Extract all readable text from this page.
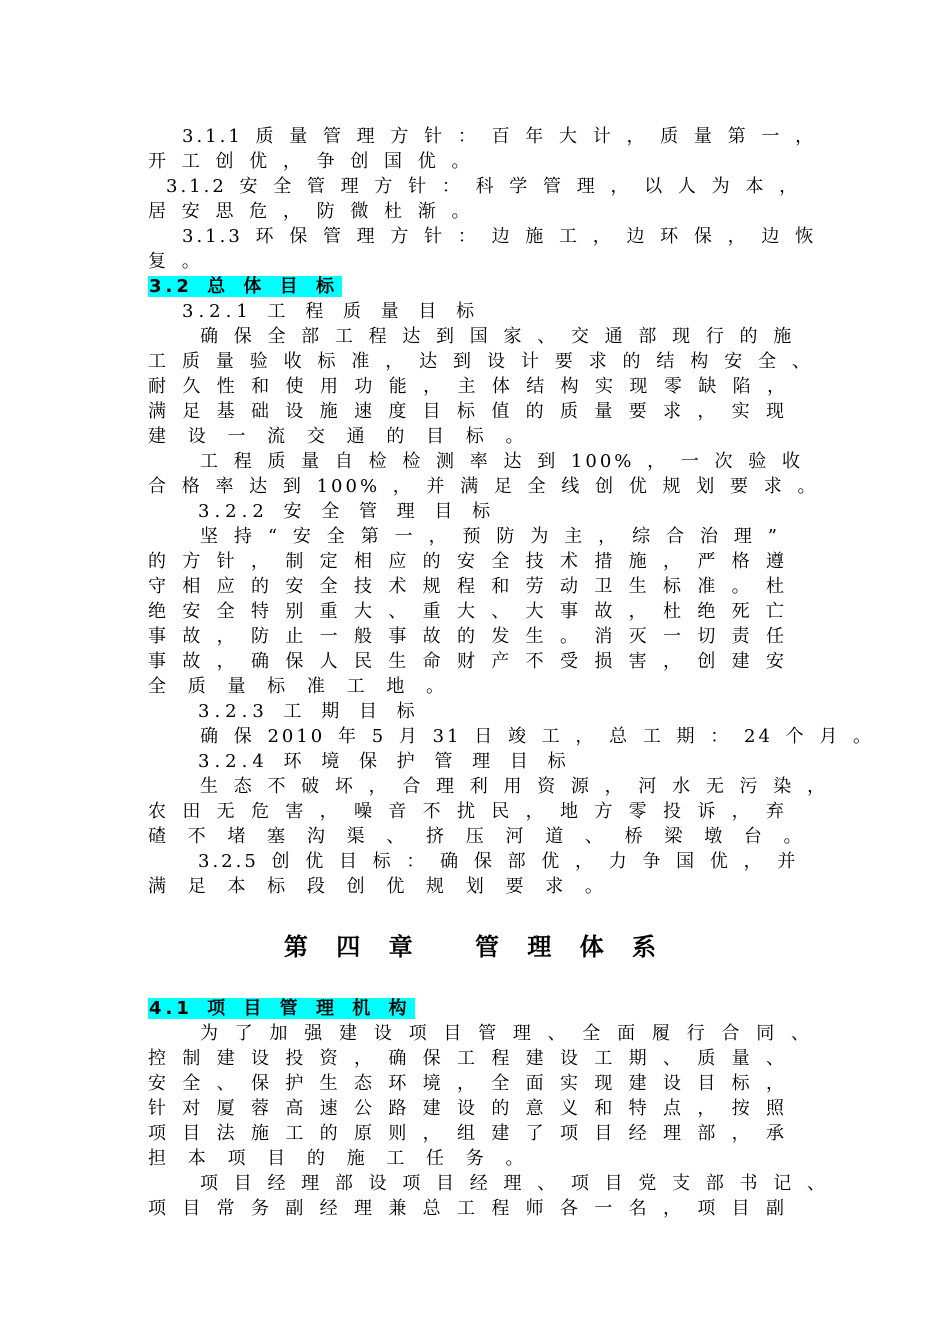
3.1.1 质 量 管 理 方 针 ： 百 年 大 计 ， 质 量 第 一 ，
开 工 创 优 ， 争 创 国 优 。
3.1.2 安 全 管 理 方 针 ： 科 学 管 理 ， 以 人 为 本 ，
居 安 思 危 ， 防 微 杜 渐 。
3.1.3 环 保 管 理 方 针 ： 边 施 工 ， 边 环 保 ， 边 恢
复 。
3.2 总 体 目 标
3.2.1 工 程 质 量 目 标
确 保 全 部 工 程 达 到 国 家 、 交 通 部 现 行 的 施
工 质 量 验 收 标 准 ， 达 到 设 计 要 求 的 结 构 安 全 、
耐 久 性 和 使 用 功 能 ， 主 体 结 构 实 现 零 缺 陷 ，
满 足 基 础 设 施 速 度 目 标 值 的 质 量 要 求 ， 实 现
建 设 一 流 交 通 的 目 标 。
工 程 质 量 自 检 检 测 率 达 到 100% ， 一 次 验 收
合 格 率 达 到 100% ， 并 满 足 全 线 创 优 规 划 要 求 。
3.2.2 安 全 管 理 目 标
坚 持 “ 安 全 第 一 ， 预 防 为 主 ， 综 合 治 理 ”
的 方 针 ， 制 定 相 应 的 安 全 技 术 措 施 ， 严 格 遵
守 相 应 的 安 全 技 术 规 程 和 劳 动 卫 生 标 准 。 杜
绝 安 全 特 别 重 大 、 重 大 、 大 事 故 ， 杜 绝 死 亡
事 故 ， 防 止 一 般 事 故 的 发 生 。 消 灭 一 切 责 任
事 故 ， 确 保 人 民 生 命 财 产 不 受 损 害 ， 创 建 安
全 质 量 标 准 工 地 。
3.2.3 工 期 目 标
确 保 2010 年 5 月 31 日 竣 工 ， 总 工 期 ： 24 个 月 。
3.2.4 环 境 保 护 管 理 目 标
生 态 不 破 坏 ， 合 理 利 用 资 源 ， 河 水 无 污 染 ，
农 田 无 危 害 ， 噪 音 不 扰 民 ， 地 方 零 投 诉 ， 弃
碴 不 堵 塞 沟 渠 、 挤 压 河 道 、 桥 梁 墩 台 。
3.2.5 创 优 目 标 ： 确 保 部 优 ， 力 争 国 优 ， 并
满 足 本 标 段 创 优 规 划 要 求 。
第 四 章　 管 理 体 系
4.1 项 目 管 理 机 构
为 了 加 强 建 设 项 目 管 理 、 全 面 履 行 合 同 、
控 制 建 设 投 资 ， 确 保 工 程 建 设 工 期 、 质 量 、
安 全 、 保 护 生 态 环 境 ， 全 面 实 现 建 设 目 标 ，
针 对 厦 蓉 高 速 公 路 建 设 的 意 义 和 特 点 ， 按 照
项 目 法 施 工 的 原 则 ， 组 建 了 项 目 经 理 部 ， 承
担 本 项 目 的 施 工 任 务 。
项 目 经 理 部 设 项 目 经 理 、 项 目 党 支 部 书 记 、
项 目 常 务 副 经 理 兼 总 工 程 师 各 一 名 ， 项 目 副
